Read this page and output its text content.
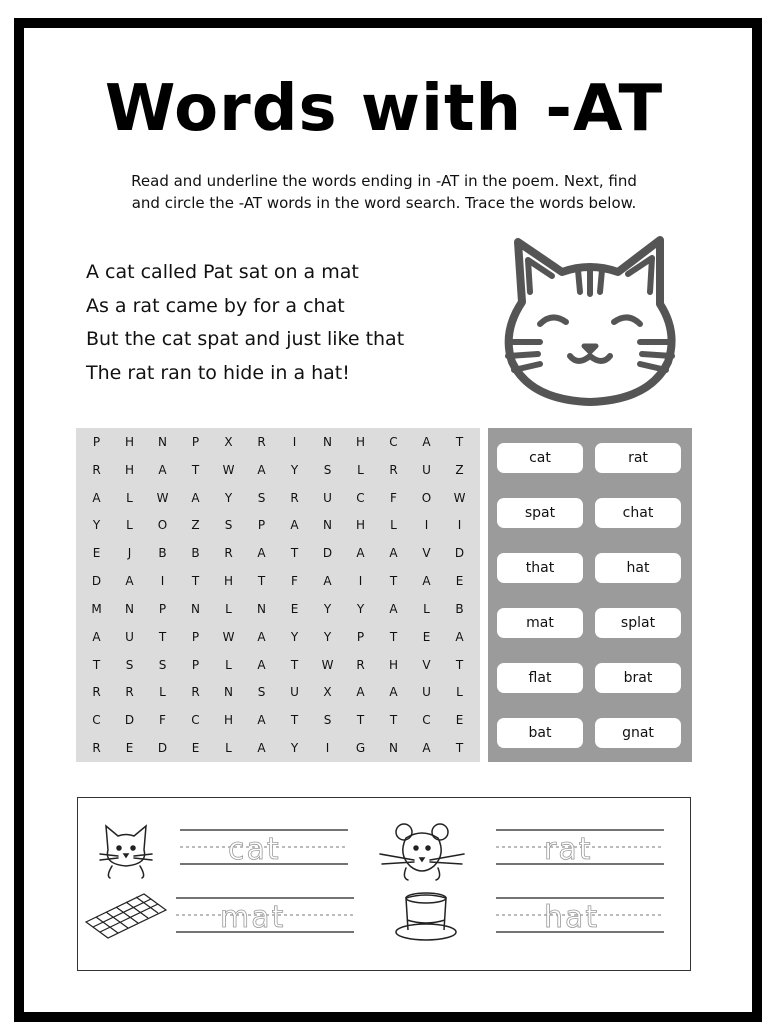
Words with -AT
Read and underline the words ending in -AT in the poem. Next, find
and circle the -AT words in the word search. Trace the words below.
A cat called Pat sat on a mat
As a rat came by for a chat
But the cat spat and just like that
The rat ran to hide in a hat!
P	H	N	P	X	R	I	N	H	C	A	T
R	H	A	T	W	A	Y	S	L	R	U	Z
A	L	W	A	Y	S	R	U	C	F	O	W
Y	L	O	Z	S	P	A	N	H	L	I	I
E	J	B	B	R	A	T	D	A	A	V	D
D	A	I	T	H	T	F	A	I	T	A	E
M	N	P	N	L	N	E	Y	Y	A	L	B
A	U	T	P	W	A	Y	Y	P	T	E	A
T	S	S	P	L	A	T	W	R	H	V	T
R	R	L	R	N	S	U	X	A	A	U	L
C	D	F	C	H	A	T	S	T	T	C	E
R	E	D	E	L	A	Y	I	G	N	A	T
cat	rat
spat	chat
that	hat
mat	splat
flat	brat
bat	gnat
cat	rat
mat	hat
